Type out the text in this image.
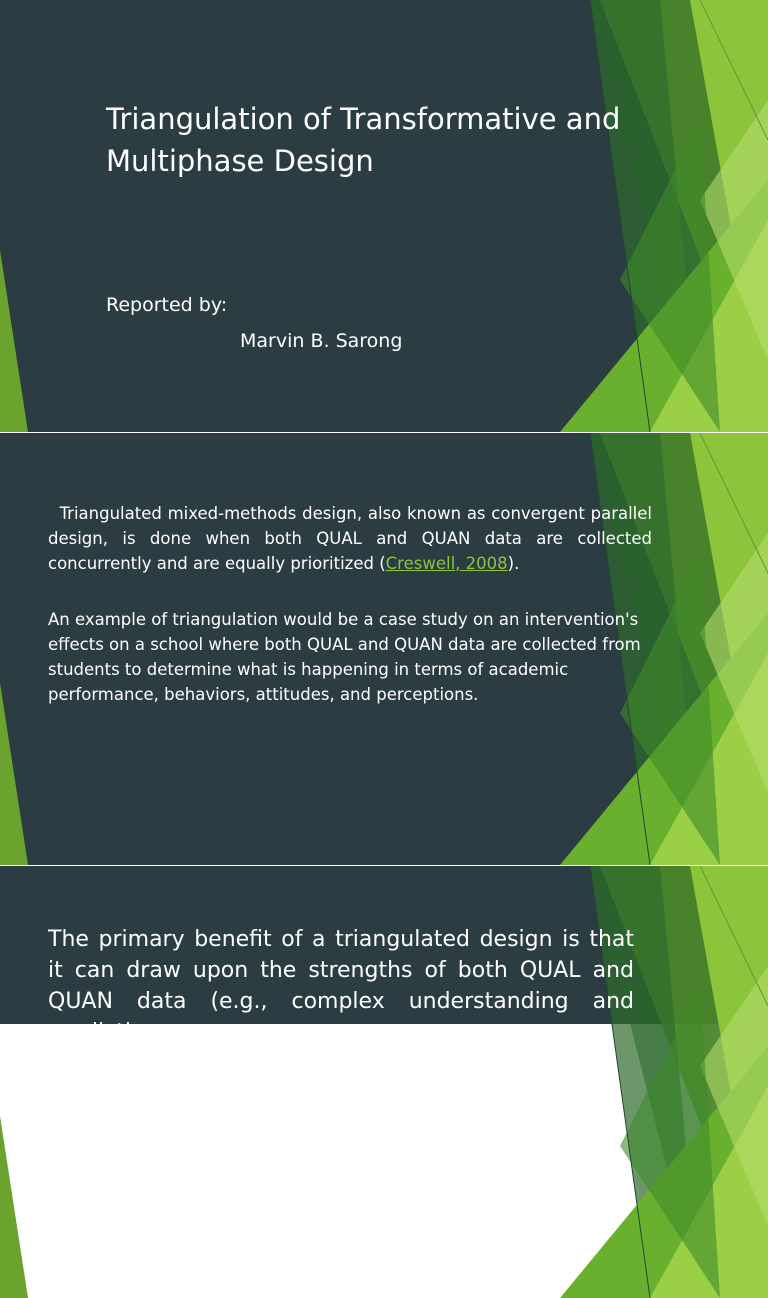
Triangulation of Transformative and Multiphase Design
Reported by:
Marvin B. Sarong

Triangulated mixed-methods design, also known as convergent parallel design, is done when both QUAL and QUAN data are collected concurrently and are equally prioritized (Creswell, 2008).

An example of triangulation would be a case study on an intervention's effects on a school where both QUAL and QUAN data are collected from students to determine what is happening in terms of academic performance, behaviors, attitudes, and perceptions.

The primary benefit of a triangulated design is that it can draw upon the strengths of both QUAL and QUAN data (e.g., complex understanding and predictive...
